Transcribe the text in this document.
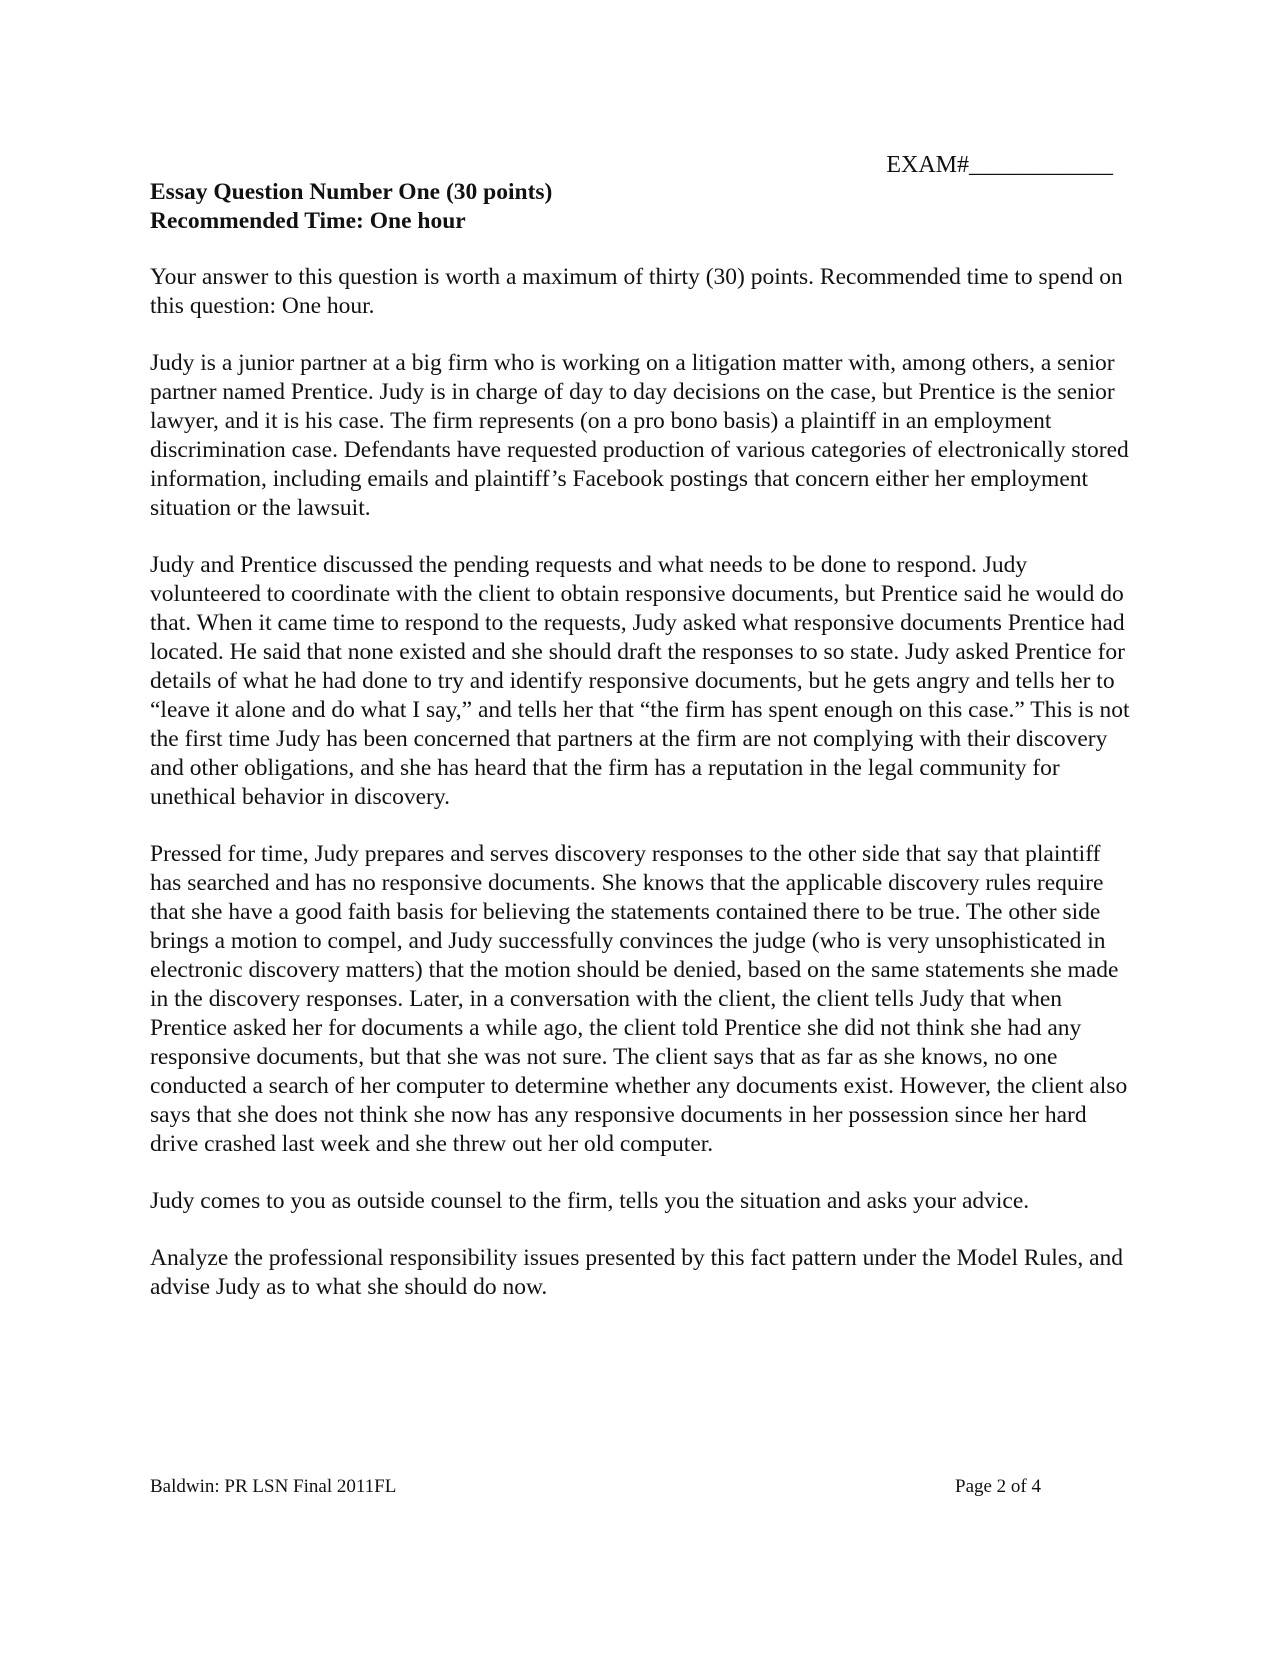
EXAM#____________
Essay Question Number One (30 points)
Recommended Time: One hour

Your answer to this question is worth a maximum of thirty (30) points. Recommended time to spend on this question: One hour.

Judy is a junior partner at a big firm who is working on a litigation matter with, among others, a senior partner named Prentice. Judy is in charge of day to day decisions on the case, but Prentice is the senior lawyer, and it is his case. The firm represents (on a pro bono basis) a plaintiff in an employment discrimination case. Defendants have requested production of various categories of electronically stored information, including emails and plaintiff’s Facebook postings that concern either her employment situation or the lawsuit.

Judy and Prentice discussed the pending requests and what needs to be done to respond. Judy volunteered to coordinate with the client to obtain responsive documents, but Prentice said he would do that. When it came time to respond to the requests, Judy asked what responsive documents Prentice had located. He said that none existed and she should draft the responses to so state. Judy asked Prentice for details of what he had done to try and identify responsive documents, but he gets angry and tells her to “leave it alone and do what I say,” and tells her that “the firm has spent enough on this case.” This is not the first time Judy has been concerned that partners at the firm are not complying with their discovery and other obligations, and she has heard that the firm has a reputation in the legal community for unethical behavior in discovery.

Pressed for time, Judy prepares and serves discovery responses to the other side that say that plaintiff has searched and has no responsive documents. She knows that the applicable discovery rules require that she have a good faith basis for believing the statements contained there to be true. The other side brings a motion to compel, and Judy successfully convinces the judge (who is very unsophisticated in electronic discovery matters) that the motion should be denied, based on the same statements she made in the discovery responses. Later, in a conversation with the client, the client tells Judy that when Prentice asked her for documents a while ago, the client told Prentice she did not think she had any responsive documents, but that she was not sure. The client says that as far as she knows, no one conducted a search of her computer to determine whether any documents exist. However, the client also says that she does not think she now has any responsive documents in her possession since her hard drive crashed last week and she threw out her old computer.

Judy comes to you as outside counsel to the firm, tells you the situation and asks your advice.

Analyze the professional responsibility issues presented by this fact pattern under the Model Rules, and advise Judy as to what she should do now.

Baldwin: PR LSN Final 2011FL	Page 2 of 4
